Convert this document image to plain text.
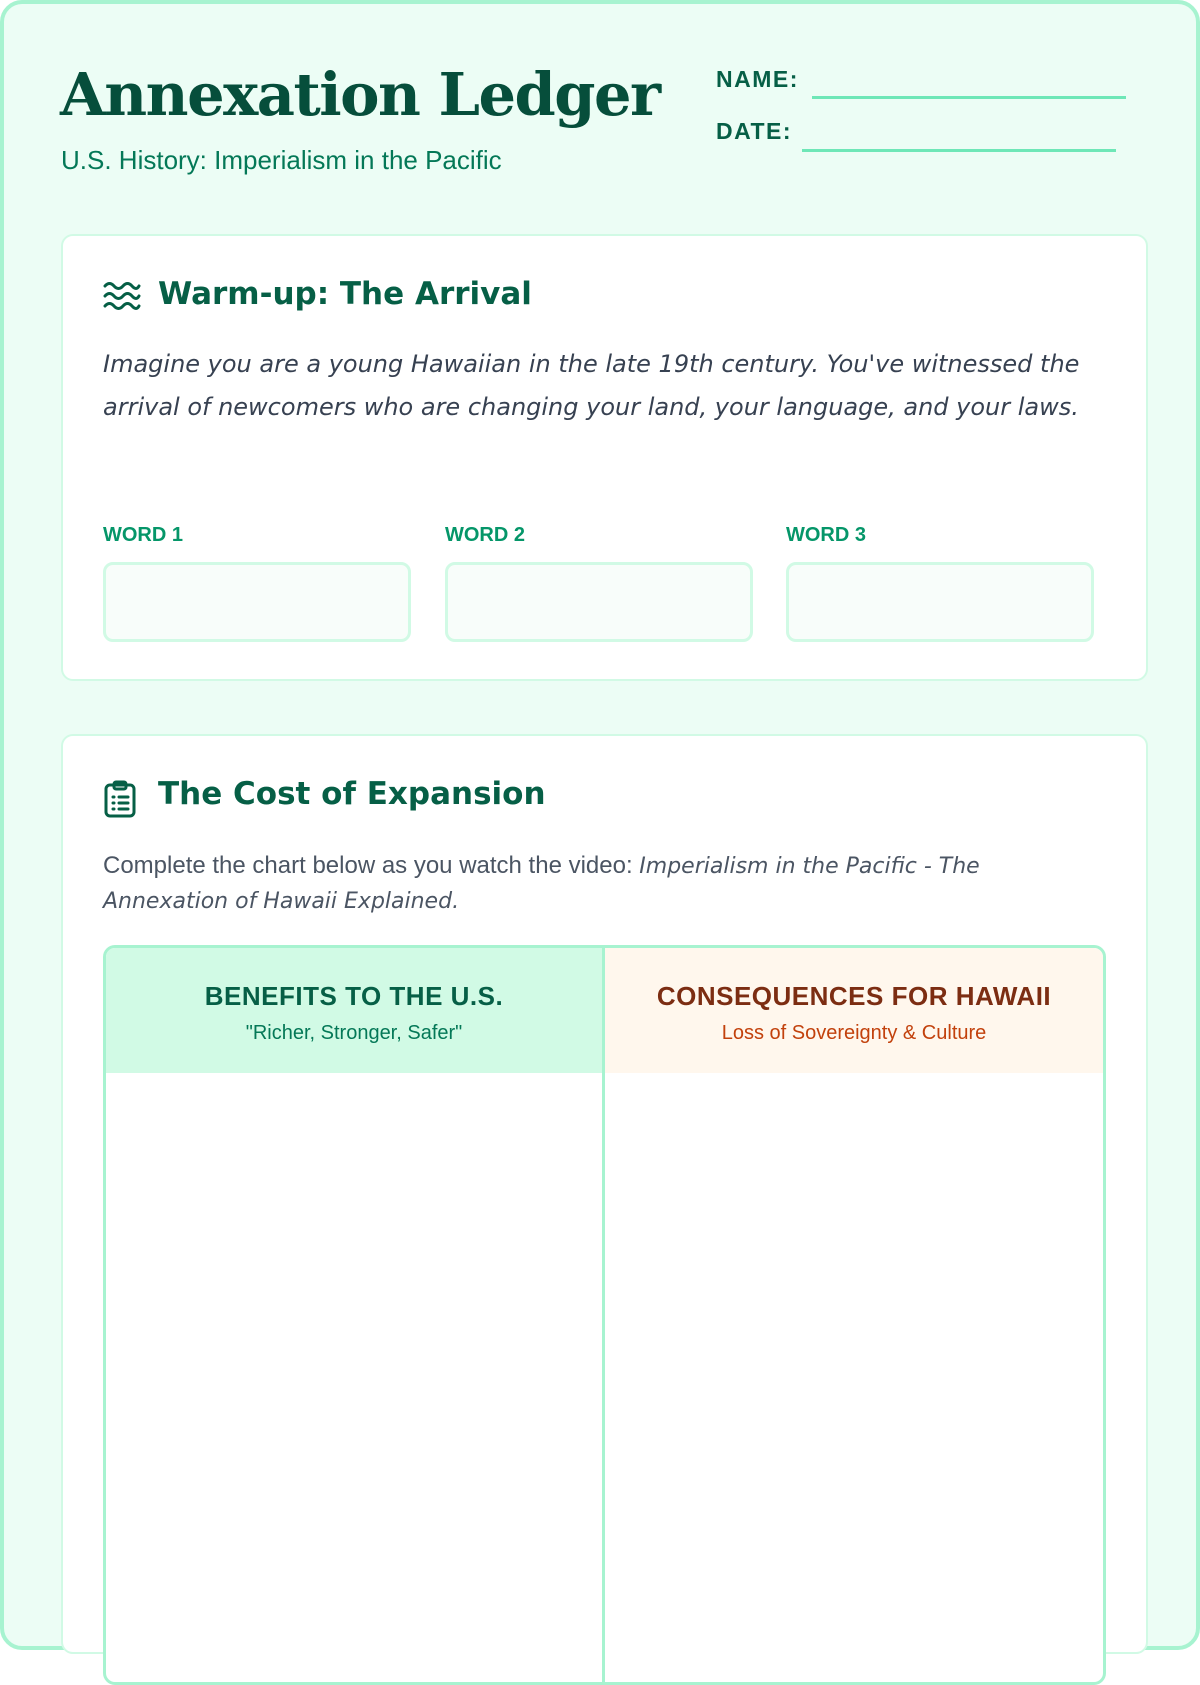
Annexation Ledger
U.S. History: Imperialism in the Pacific
NAME:
DATE:
Warm-up: The Arrival

Imagine you are a young Hawaiian in the late 19th century. You've witnessed the arrival of newcomers who are changing your land, your language, and your laws.

WORD 1	WORD 2	WORD 3
The Cost of Expansion

Complete the chart below as you watch the video: Imperialism in the Pacific - The Annexation of Hawaii Explained.

BENEFITS TO THE U.S.
"Richer, Stronger, Safer"
CONSEQUENCES FOR HAWAII
Loss of Sovereignty & Culture
